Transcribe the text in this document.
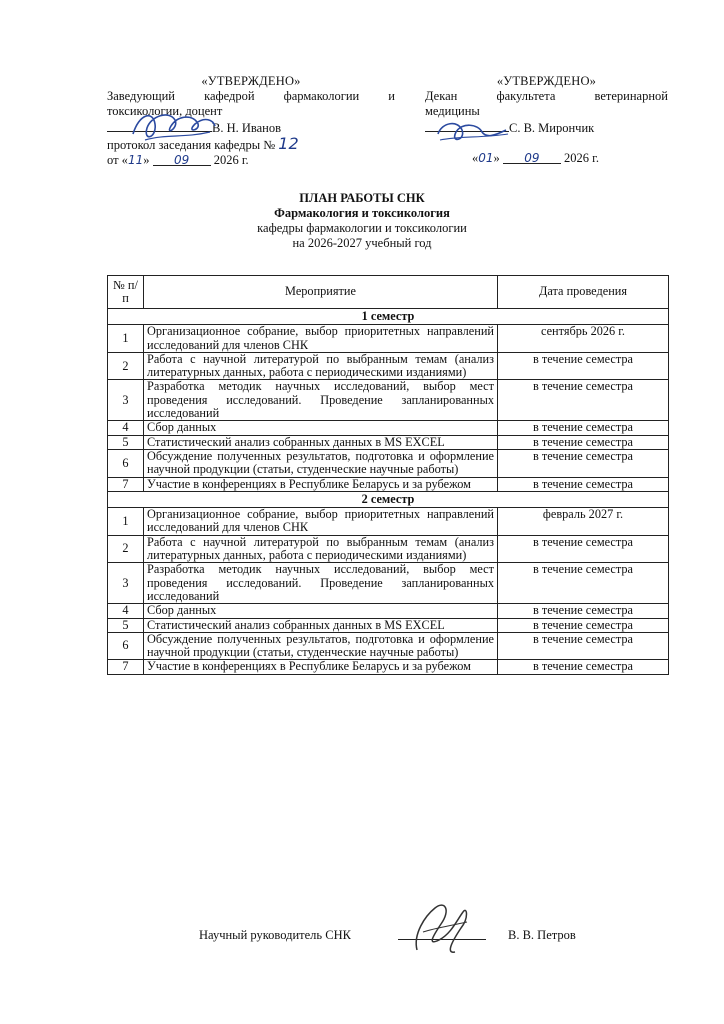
«УТВЕРЖДЕНО»
Заведующий кафедрой фармакологии и
токсикологии, доцент
В. Н. Иванов
протокол заседания кафедры № 12
от «11» 09 2026 г.
«УТВЕРЖДЕНО»
Декан факультета ветеринарной
медицины
С. В. Мирончик
«01» 09 2026 г.
ПЛАН РАБОТЫ СНК
Фармакология и токсикология
кафедры фармакологии и токсикологии
на 2026-2027 учебный год
№ п/п	Мероприятие	Дата проведения
1 семестр		
1	Организационное собрание, выбор приоритетных направлений исследований для членов СНК	сентябрь 2026 г.
2	Работа с научной литературой по выбранным темам (анализ литературных данных, работа с периодическими изданиями)	в течение семестра
3	Разработка методик научных исследований, выбор мест проведения исследований. Проведение запланированных исследований	в течение семестра
4	Сбор данных	в течение семестра
5	Статистический анализ собранных данных в MS EXCEL	в течение семестра
6	Обсуждение полученных результатов, подготовка и оформление научной продукции (статьи, студенческие научные работы)	в течение семестра
7	Участие в конференциях в Республике Беларусь и за рубежом	в течение семестра
2 семестр		
1	Организационное собрание, выбор приоритетных направлений исследований для членов СНК	февраль 2027 г.
2	Работа с научной литературой по выбранным темам (анализ литературных данных, работа с периодическими изданиями)	в течение семестра
3	Разработка методик научных исследований, выбор мест проведения исследований. Проведение запланированных исследований	в течение семестра
4	Сбор данных	в течение семестра
5	Статистический анализ собранных данных в MS EXCEL	в течение семестра
6	Обсуждение полученных результатов, подготовка и оформление научной продукции (статьи, студенческие научные работы)	в течение семестра
7	Участие в конференциях в Республике Беларусь и за рубежом	в течение семестра
Научный руководитель СНК	В. В. Петров
